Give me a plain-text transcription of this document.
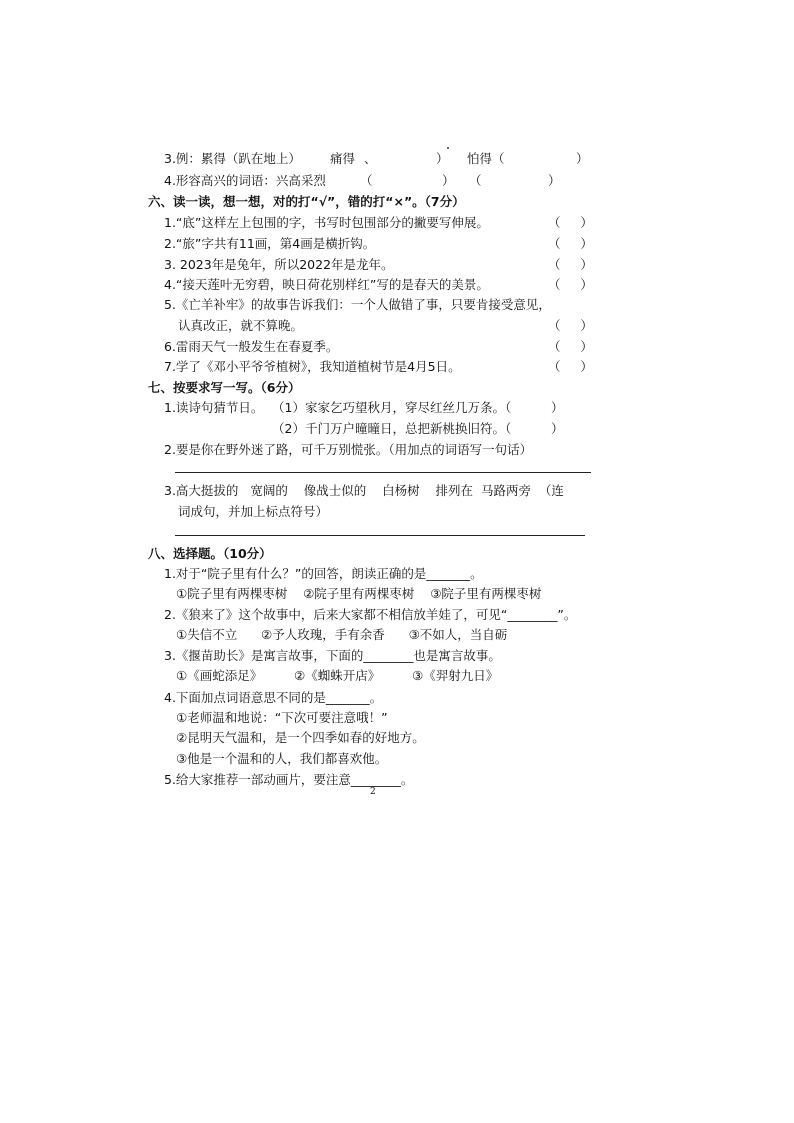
3.例：累得（趴在地上） 痛得 、	） 怕得（	）
4.形容高兴的词语：兴高采烈	（	） （	）
六、读一读，想一想，对的打“√”，错的打“×”。（7分）
1.“底”这样左上包围的字，书写时包围部分的撇要写伸展。	（     ）
2.“旅”字共有11画，第4画是横折钩。	（     ）
3. 2023年是兔年，所以2022年是龙年。	（     ）
4.“接天莲叶无穷碧，映日荷花别样红”写的是春天的美景。	（     ）
5.《亡羊补牢》的故事告诉我们：一个人做错了事，只要肯接受意见，
认真改正，就不算晚。	（     ）
6.雷雨天气一般发生在春夏季。	（     ）
7.学了《邓小平爷爷植树》，我知道植树节是4月5日。	（     ）
七、按要求写一写。（6分）
1.读诗句猜节日。 （1）家家乞巧望秋月，穿尽红丝几万条。（          ）
（2）千门万户曈曈日，总把新桃换旧符。（          ）
2.要是你在野外迷了路，可千万别慌张。（用加点的词语写一句话）
3.高大挺拔的   宽阔的    像战士似的    白杨树    排列在  马路两旁  （连
词成句，并加上标点符号）
八、选择题。（10分）
1.对于“院子里有什么？”的回答，朗读正确的是_______。
①院子里有两棵枣树    ②院子里有两棵枣树    ③院子里有两棵枣树
2.《狼来了》这个故事中，后来大家都不相信放羊娃了，可见“________”。
①失信不立      ②予人玫瑰，手有余香      ③不如人，当自砺
3.《揠苗助长》是寓言故事，下面的________也是寓言故事。
①《画蛇添足》        ②《蜘蛛开店》        ③《羿射九日》
4.下面加点词语意思不同的是_______。
①老师温和地说：“下次可要注意哦！”
②昆明天气温和，是一个四季如春的好地方。
③他是一个温和的人，我们都喜欢他。
5.给大家推荐一部动画片，要注意________。
2
